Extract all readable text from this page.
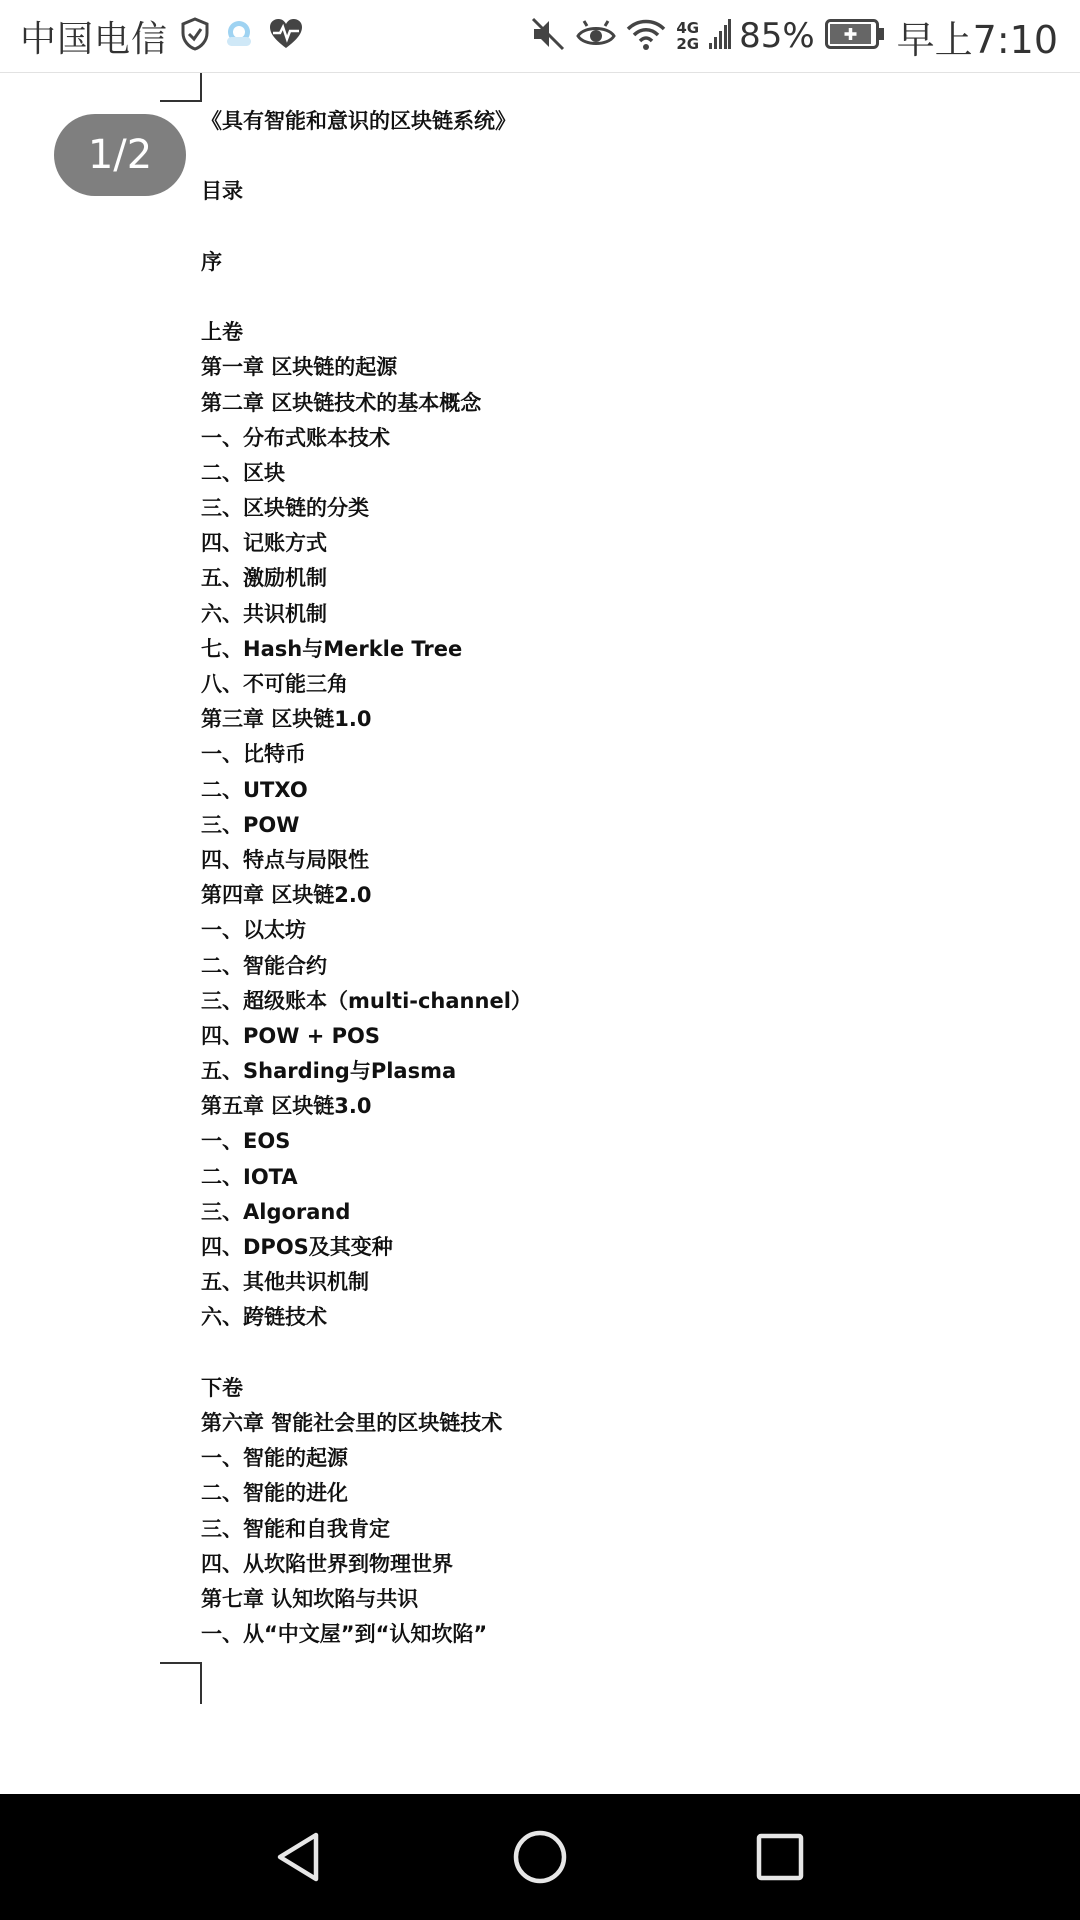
中国电信	4G
2G 85% 早上7:10
1/2
《具有智能和意识的区块链系统》
目录
序
上卷
第一章 区块链的起源
第二章 区块链技术的基本概念
一、分布式账本技术
二、区块
三、区块链的分类
四、记账方式
五、激励机制
六、共识机制
七、Hash与Merkle Tree
八、不可能三角
第三章 区块链1.0
一、比特币
二、UTXO
三、POW
四、特点与局限性
第四章 区块链2.0
一、以太坊
二、智能合约
三、超级账本（multi-channel）
四、POW + POS
五、Sharding与Plasma
第五章 区块链3.0
一、EOS
二、IOTA
三、Algorand
四、DPOS及其变种
五、其他共识机制
六、跨链技术
下卷
第六章 智能社会里的区块链技术
一、智能的起源
二、智能的进化
三、智能和自我肯定
四、从坎陷世界到物理世界
第七章 认知坎陷与共识
一、从“中文屋”到“认知坎陷”
